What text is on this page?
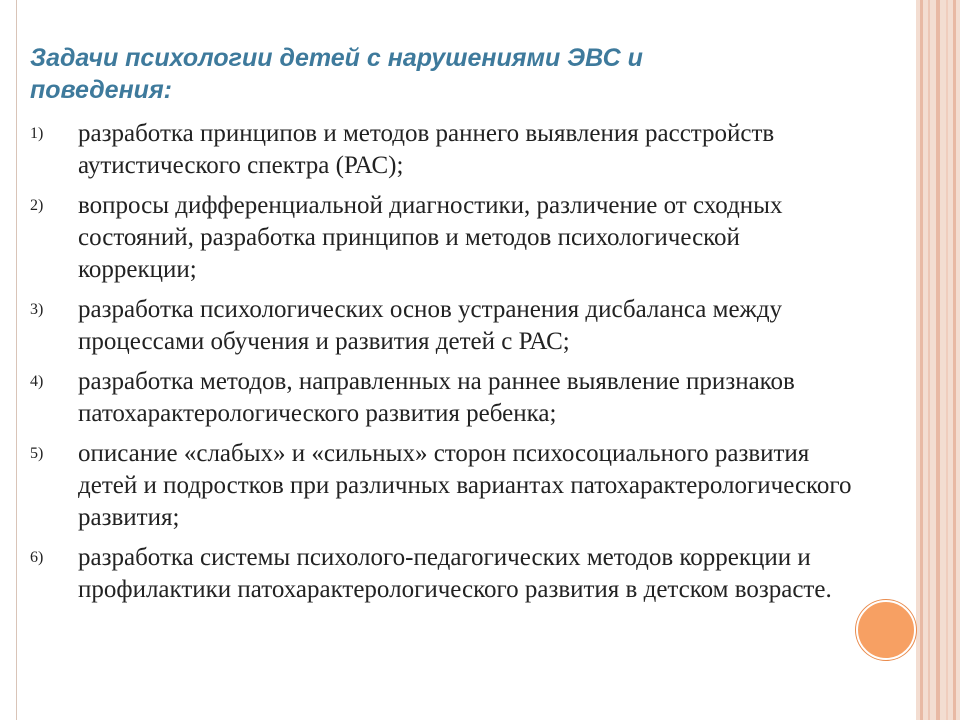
Задачи психологии детей с нарушениями ЭВС и поведения:
1) разработка принципов и методов раннего выявления расстройств аутистического спектра (РАС);
2) вопросы дифференциальной диагностики, различение от сходных состояний, разработка принципов и методов психологической коррекции;
3) разработка психологических основ устранения дисбаланса между процессами обучения и развития детей с РАС;
4) разработка методов, направленных на раннее выявление признаков патохарактерологического развития ребенка;
5) описание «слабых» и «сильных» сторон психосоциального развития детей и подростков при различных вариантах патохарактерологического развития;
6) разработка системы психолого-педагогических методов коррекции и профилактики патохарактерологического развития в детском возрасте.
